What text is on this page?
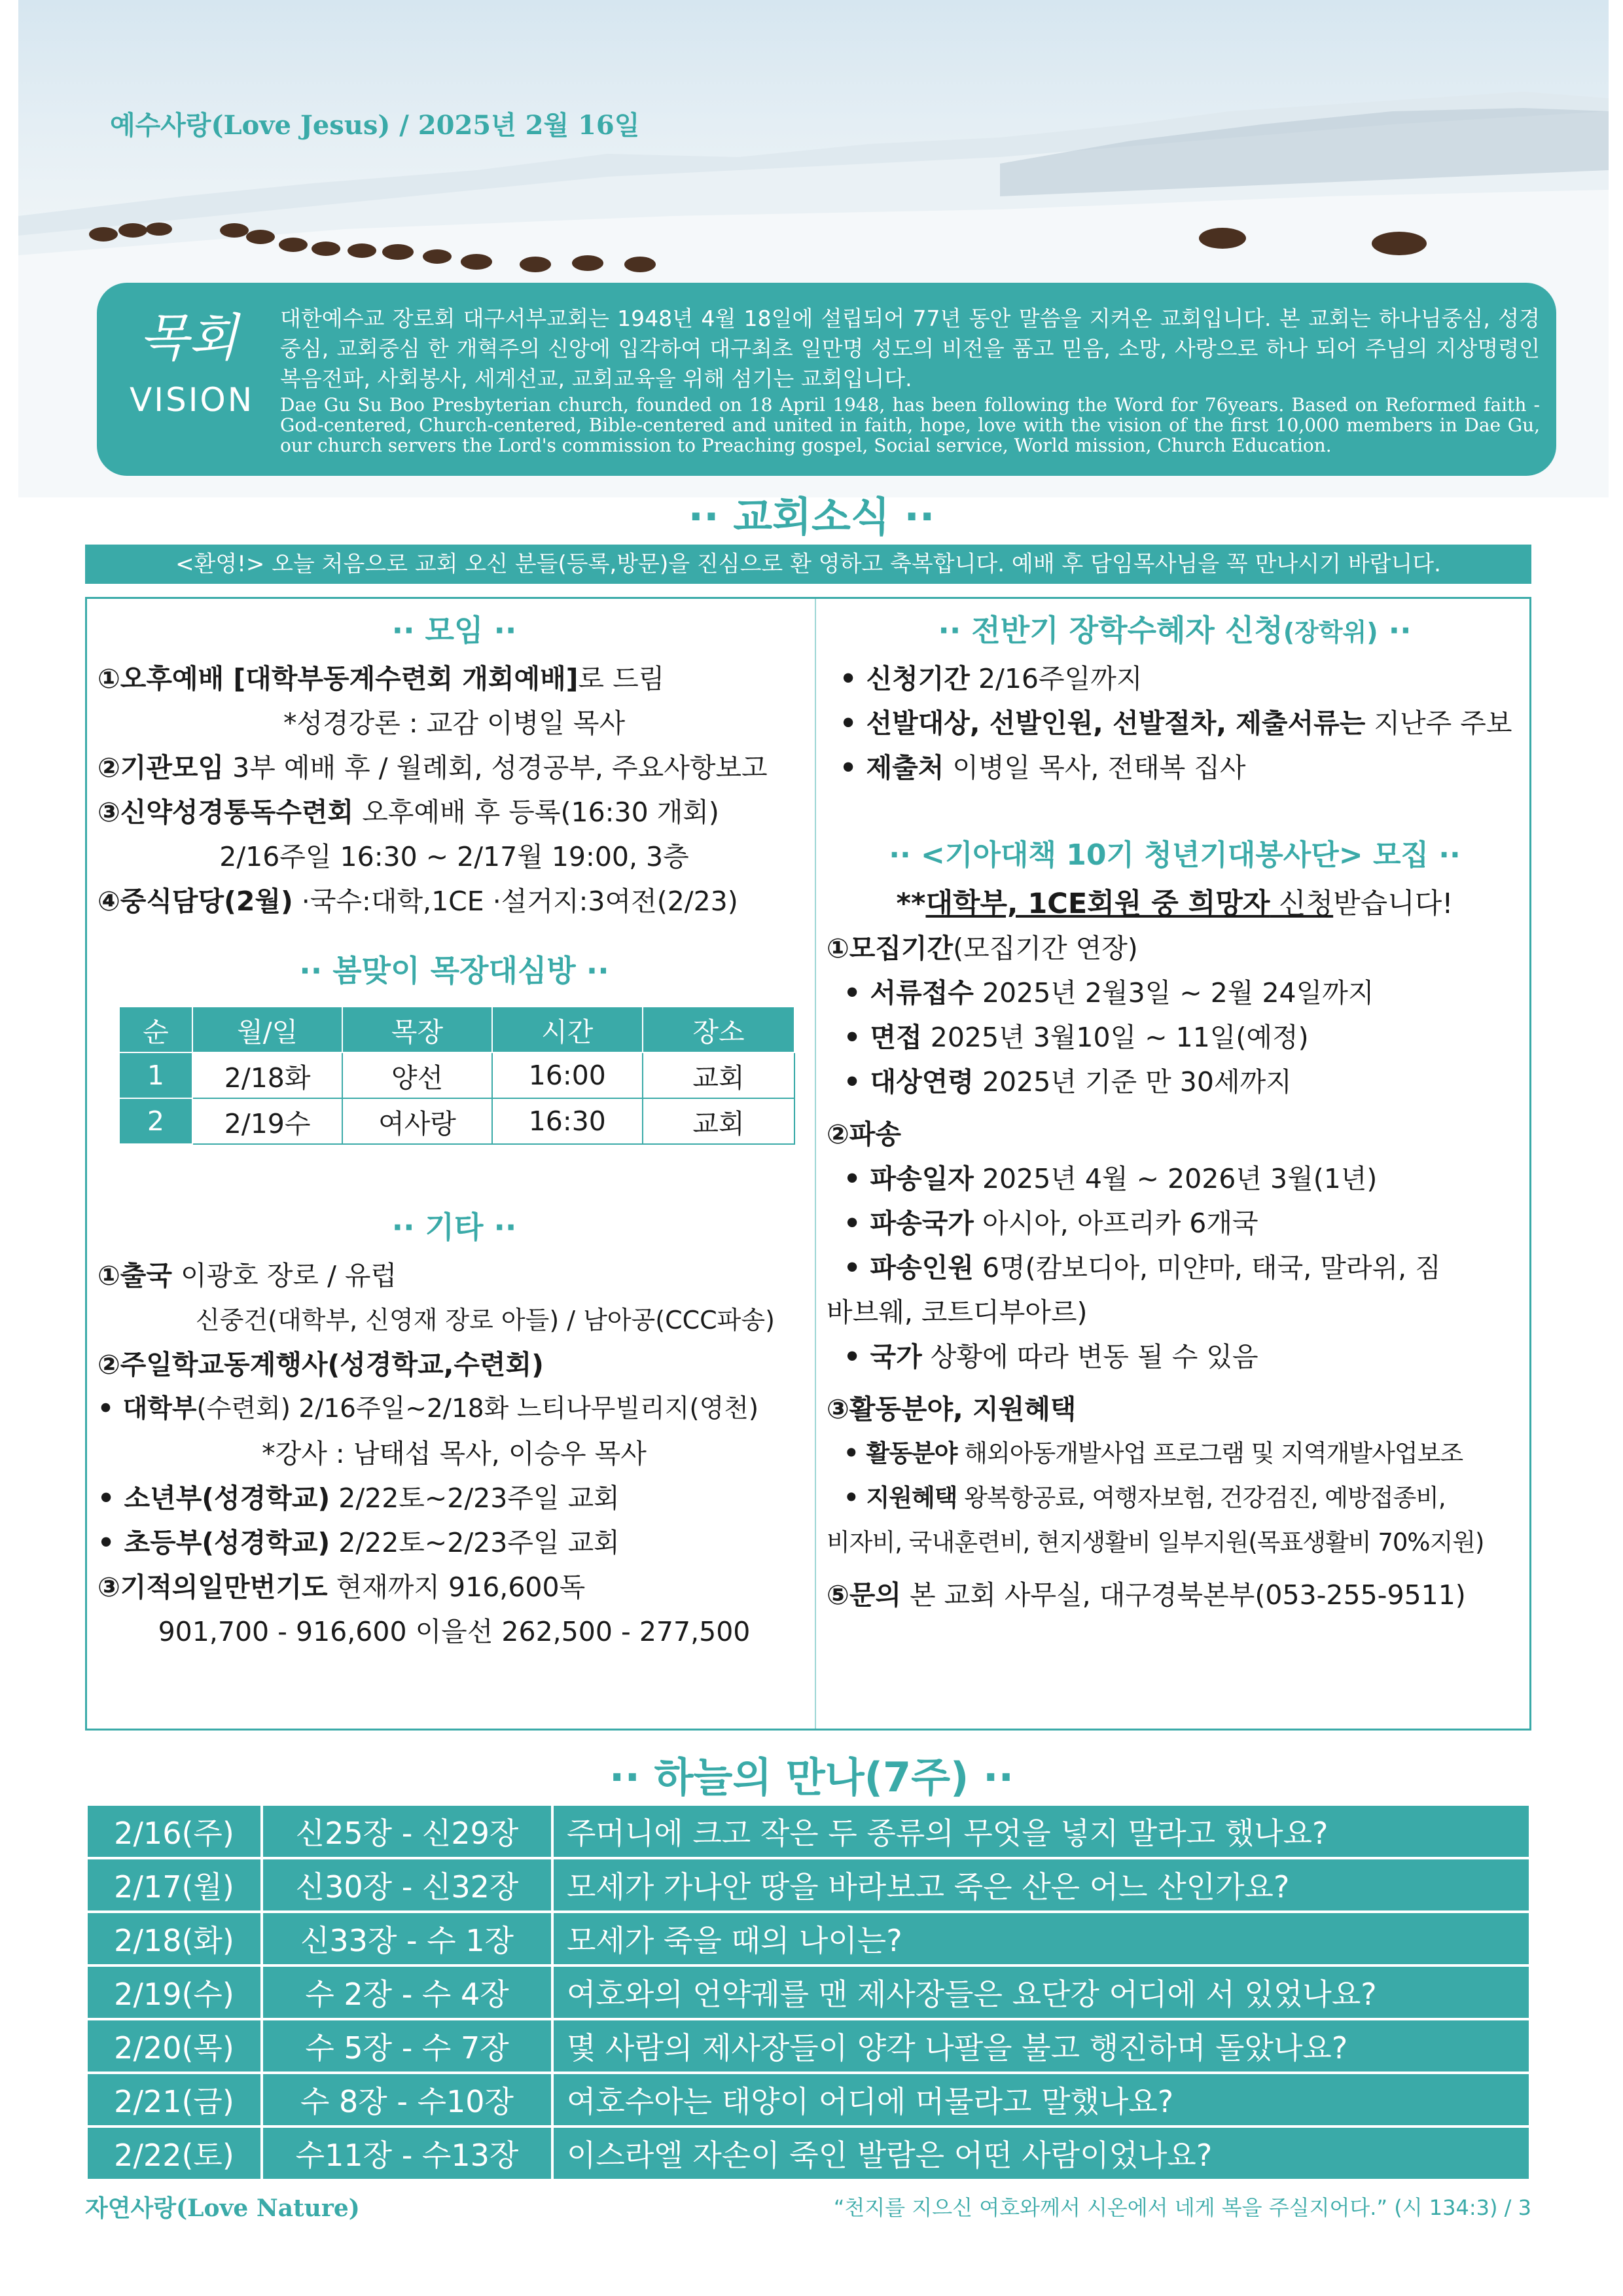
예수사랑(Love Jesus) / 2025년 2월 16일
목회
VISION
대한예수교 장로회 대구서부교회는 1948년 4월 18일에 설립되어 77년 동안 말씀을 지켜온 교회입니다. 본 교회는 하나님중심, 성경중심, 교회중심 한 개혁주의 신앙에 입각하여 대구최초 일만명 성도의 비전을 품고 믿음, 소망, 사랑으로 하나 되어 주님의 지상명령인 복음전파, 사회봉사, 세계선교, 교회교육을 위해 섬기는 교회입니다.
Dae Gu Su Boo Presbyterian church, founded on 18 April 1948, has been following the Word for 76years. Based on Reformed faith - God-centered, Church-centered, Bible-centered and united in faith, hope, love with the vision of the first 10,000 members in Dae Gu, our church servers the Lord's commission to Preaching gospel, Social service, World mission, Church Education.
·· 교회소식 ··
<환영!> 오늘 처음으로 교회 오신 분들(등록,방문)을 진심으로 환 영하고 축복합니다. 예배 후 담임목사님을 꼭 만나시기 바랍니다.
·· 모임 ··
①오후예배 [대학부동계수련회 개회예배]로 드림
*성경강론 : 교감 이병일 목사
②기관모임 3부 예배 후 / 월례회, 성경공부, 주요사항보고
③신약성경통독수련회 오후예배 후 등록(16:30 개회)
2/16주일 16:30 ~ 2/17월 19:00, 3층
④중식담당(2월) ·국수:대학,1CE ·설거지:3여전(2/23)
·· 봄맞이 목장대심방 ··
순	월/일	목장	시간	장소
1	2/18화	양선	16:00	교회
2	2/19수	여사랑	16:30	교회
·· 기타 ··
①출국 이광호 장로 / 유럽
신중건(대학부, 신영재 장로 아들) / 남아공(CCC파송)
②주일학교동계행사(성경학교,수련회)
• 대학부(수련회) 2/16주일~2/18화 느티나무빌리지(영천)
*강사 : 남태섭 목사, 이승우 목사
• 소년부(성경학교) 2/22토~2/23주일 교회
• 초등부(성경학교) 2/22토~2/23주일 교회
③기적의일만번기도 현재까지 916,600독
901,700 - 916,600 이을선 262,500 - 277,500
·· 전반기 장학수혜자 신청(장학위) ··
• 신청기간 2/16주일까지
• 선발대상, 선발인원, 선발절차, 제출서류는 지난주 주보
• 제출처 이병일 목사, 전태복 집사
·· <기아대책 10기 청년기대봉사단> 모집 ··
**대학부, 1CE회원 중 희망자 신청받습니다!
①모집기간(모집기간 연장)
• 서류접수 2025년 2월3일 ~ 2월 24일까지
• 면접 2025년 3월10일 ~ 11일(예정)
• 대상연령 2025년 기준 만 30세까지
②파송
• 파송일자 2025년 4월 ~ 2026년 3월(1년)
• 파송국가 아시아, 아프리카 6개국
• 파송인원 6명(캄보디아, 미얀마, 태국, 말라위, 짐
바브웨, 코트디부아르)
• 국가 상황에 따라 변동 될 수 있음
③활동분야, 지원혜택
• 활동분야 해외아동개발사업 프로그램 및 지역개발사업보조
• 지원혜택 왕복항공료, 여행자보험, 건강검진, 예방접종비,
비자비, 국내훈련비, 현지생활비 일부지원(목표생활비 70%지원)
⑤문의 본 교회 사무실, 대구경북본부(053-255-9511)
·· 하늘의 만나(7주) ··
2/16(주)	신25장 - 신29장	주머니에 크고 작은 두 종류의 무엇을 넣지 말라고 했나요?
2/17(월)	신30장 - 신32장	모세가 가나안 땅을 바라보고 죽은 산은 어느 산인가요?
2/18(화)	신33장 - 수 1장	모세가 죽을 때의 나이는?
2/19(수)	수 2장 - 수 4장	여호와의 언약궤를 맨 제사장들은 요단강 어디에 서 있었나요?
2/20(목)	수 5장 - 수 7장	몇 사람의 제사장들이 양각 나팔을 불고 행진하며 돌았나요?
2/21(금)	수 8장 - 수10장	여호수아는 태양이 어디에 머물라고 말했나요?
2/22(토)	수11장 - 수13장	이스라엘 자손이 죽인 발람은 어떤 사람이었나요?
자연사랑(Love Nature)	“천지를 지으신 여호와께서 시온에서 네게 복을 주실지어다.” (시 134:3) / 3
